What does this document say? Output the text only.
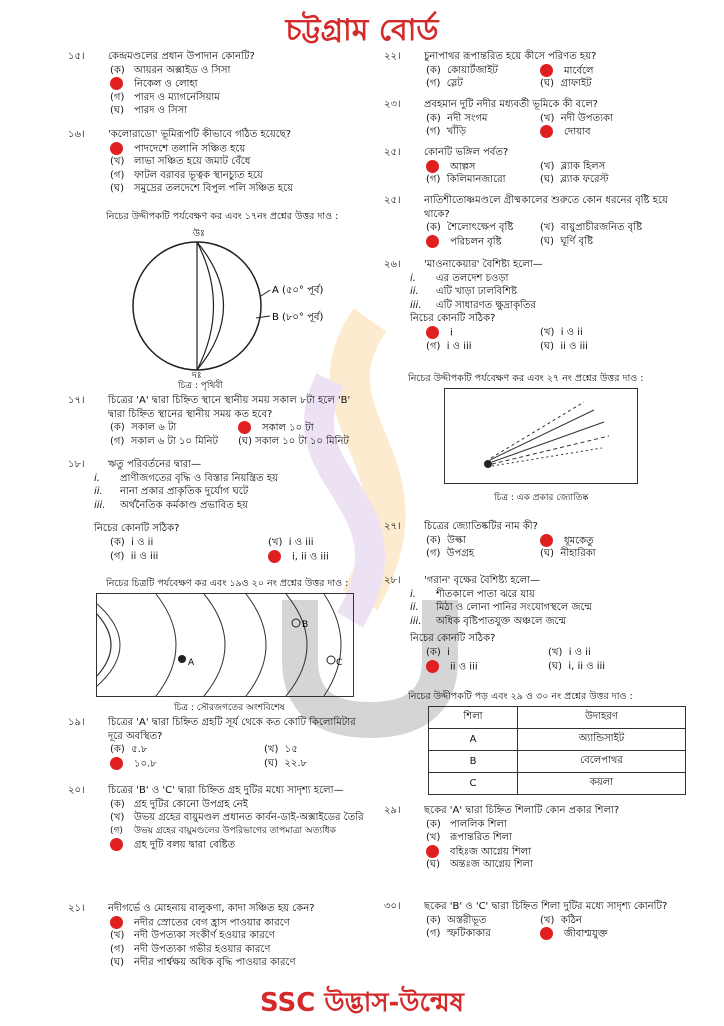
চট্টগ্রাম বোর্ড
১৫।	কেন্দ্রমণ্ডলের প্রধান উপাদান কোনটি?
(ক) আয়রন অক্সাইড ও সিসা
নিকেল ও লোহা
(গ) পারদ ও ম্যাগনেসিয়াম
(ঘ) পারদ ও সিসা
১৬।	'কলোরাডো' ভূমিরূপটি কীভাবে গঠিত হয়েছে?
পাদদেশে তলানি সঞ্চিত হয়ে
(খ) লাভা সঞ্চিত হয়ে জমাট বেঁধে
(গ) ফাটল বরাবর ভূত্বক স্থানচ্যুত হয়ে
(ঘ) সমুদ্রের তলদেশে বিপুল পলি সঞ্চিত হয়ে
নিচের উদ্দীপকটি পর্যবেক্ষণ কর এবং ১৭নং প্রশ্নের উত্তর দাও :
উঃ
A (৫০° পূর্ব)
B (৮০° পূর্ব)
দঃ
চিত্র : পৃথিবী
১৭।	চিত্রের 'A' দ্বারা চিহ্নিত স্থানে স্থানীয় সময় সকাল ৮টা হলে 'B' দ্বারা চিহ্নিত স্থানের স্থানীয় সময় কত হবে?
(ক) সকাল ৬ টা	সকাল ১০ টা
(গ) সকাল ৬ টা ১০ মিনিট (ঘ) সকাল ১০ টা ১০ মিনিট
১৮।	ঋতু পরিবর্তনের দ্বারা—
i. প্রাণীজগতের বৃদ্ধি ও বিস্তার নিয়ন্ত্রিত হয়
ii. নানা প্রকার প্রাকৃতিক দুর্যোগ ঘটে
iii. অর্থনৈতিক কর্মকাণ্ড প্রভাবিত হয়
নিচের কোনটি সঠিক?
(ক) i ও ii	(খ) i ও iii
(গ) ii ও iii	i, ii ও iii
নিচের চিত্রটি পর্যবেক্ষণ কর এবং ১৯ও ২০ নং প্রশ্নের উত্তর দাও :
A
B
C
চিত্র : সৌরজগতের অংশবিশেষ
১৯।	চিত্রের 'A' দ্বারা চিহ্নিত গ্রহটি সূর্য থেকে কত কোটি কিলোমিটার দূরে অবস্থিত?
(ক) ৫.৮	(খ) ১৫
১০.৮	(ঘ) ২২.৮
২০।	চিত্রের 'B' ও 'C' দ্বারা চিহ্নিত গ্রহ দুটির মধ্যে সাদৃশ্য হলো—
(ক) গ্রহ দুটির কোনো উপগ্রহ নেই
(খ) উভয় গ্রহের বায়ুমণ্ডল প্রধানত কার্বন-ডাই-অক্সাইডের তৈরি
(গ) উভয় গ্রহের বায়ুমণ্ডলের উপরিভাগের তাপমাত্রা অত্যধিক
গ্রহ দুটি বলয় দ্বারা বেষ্টিত
২১।	নদীগর্ভে ও মোহনায় বালুকণা, কাদা সঞ্চিত হয় কেন?
নদীর স্রোতের বেগ হ্রাস পাওয়ার কারণে
(খ) নদী উপত্যকা সংকীর্ণ হওয়ার কারণে
(গ) নদী উপত্যকা গভীর হওয়ার কারণে
(ঘ) নদীর পার্শ্বক্ষয় অধিক বৃদ্ধি পাওয়ার কারণে
২২।	চুনাপাথর রূপান্তরিত হয়ে কীসে পরিণত হয়?
(ক) কোয়ার্টজাইট	মার্বেলে
(গ) স্লেট	(ঘ) গ্রাফাইট
২৩।	প্রবহমান দুটি নদীর মধ্যবর্তী ভূমিকে কী বলে?
(ক) নদী সংগম	(খ) নদী উপত্যকা
(গ) খাঁড়ি	দোয়াব
২৫।	কোনটি ভঙ্গিল পর্বত?
আল্পস	(খ) ব্ল্যাক হিলস
(গ) কিলিমানজারো	(ঘ) ব্ল্যাক ফরেস্ট
২৫।	নাতিশীতোষ্ণমণ্ডলে গ্রীষ্মকালের শুরুতে কোন ধরনের বৃষ্টি হয়ে থাকে?
(ক) শৈলোৎক্ষেপ বৃষ্টি	(খ) বায়ুপ্রাচীরজনিত বৃষ্টি
পরিচলন বৃষ্টি	(ঘ) ঘূর্ণি বৃষ্টি
২৬।	'মাওনাকেয়ার' বৈশিষ্ট্য হলো—
i. এর তলদেশ চওড়া
ii. এটি খাড়া ঢালবিশিষ্ট
iii. এটি সাধারণত ক্ষুদ্রাকৃতির
নিচের কোনটি সঠিক?
i	(খ) i ও ii
(গ) i ও iii	(ঘ) ii ও iii
নিচের উদ্দীপকটি পর্যবেক্ষণ কর এবং ২৭ নং প্রশ্নের উত্তর দাও :
চিত্র : এক প্রকার জ্যোতিষ্ক
২৭।	চিত্রের জ্যোতিষ্কটির নাম কী?
(ক) উল্কা	ধূমকেতু
(গ) উপগ্রহ	(ঘ) নীহারিকা
২৮।	'গরান' বৃক্ষের বৈশিষ্ট্য হলো—
i. শীতকালে পাতা ঝরে যায়
ii. মিঠা ও লোনা পানির সংযোগস্থলে জন্মে
iii. অধিক বৃষ্টিপাতযুক্ত অঞ্চলে জন্মে
নিচের কোনটি সঠিক?
(ক) i	(খ) i ও ii
ii ও iii	(ঘ) i, ii ও iii
নিচের উদ্দীপকটি পড় এবং ২৯ ও ৩০ নং প্রশ্নের উত্তর দাও :
শিলা	উদাহরণ
A	অ্যান্ডিসাইট
B	বেলেপাথর
C	কয়লা
২৯।	ছকের 'A' দ্বারা চিহ্নিত শিলাটি কোন প্রকার শিলা?
(ক) পাললিক শিলা
(খ) রূপান্তরিত শিলা
বহিঃজ আগ্নেয় শিলা
(ঘ) অন্তঃজ আগ্নেয় শিলা
৩০।	ছকের 'B' ও 'C' দ্বারা চিহ্নিত শিলা দুটির মধ্যে সাদৃশ্য কোনটি?
(ক) অস্তরীভূত	(খ) কঠিন
(গ) স্ফটিকাকার	জীবাশ্মযুক্ত
SSC উদ্ভাস-উন্মেষ
